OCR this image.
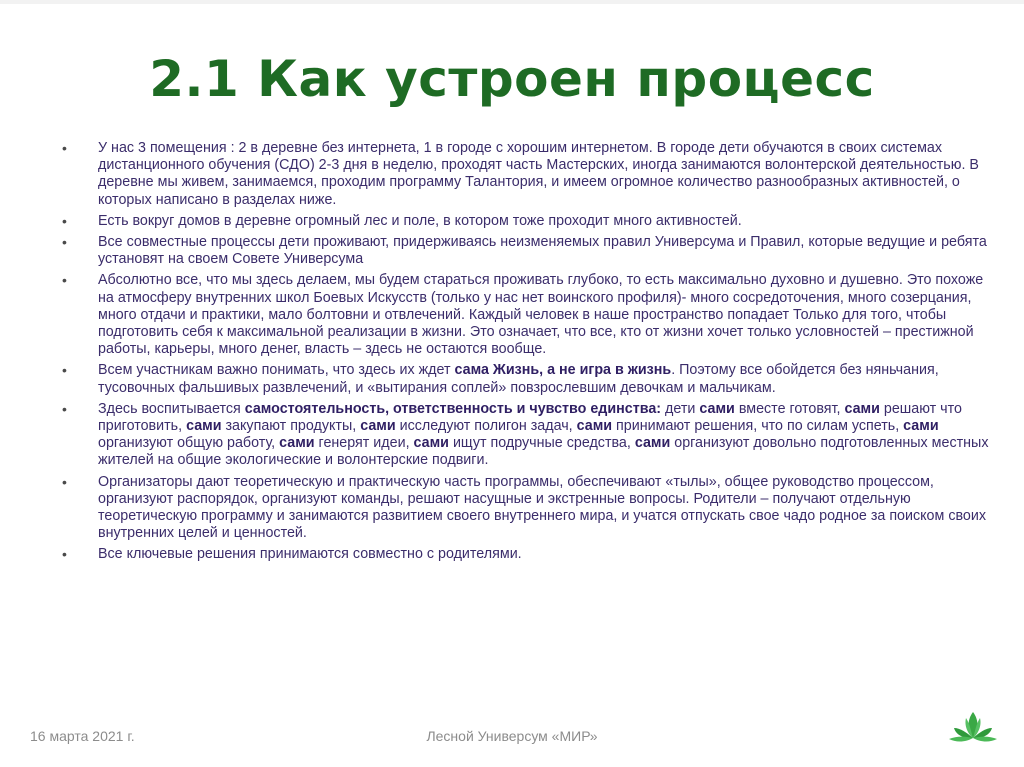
2.1 Как устроен процесс
• У нас 3 помещения : 2 в деревне без интернета, 1 в городе с хорошим интернетом. В городе дети обучаются в своих системах дистанционного обучения (СДО) 2-3 дня в неделю, проходят часть Мастерских, иногда занимаются волонтерской деятельностью. В деревне мы живем, занимаемся, проходим программу Талантория, и имеем огромное количество разнообразных активностей, о которых написано в разделах ниже.
• Есть вокруг домов в деревне огромный лес и поле, в котором тоже проходит много активностей.
• Все совместные процессы дети проживают, придерживаясь неизменяемых правил Универсума и Правил, которые ведущие и ребята установят на своем Совете Универсума
• Абсолютно все, что мы здесь делаем, мы будем стараться проживать глубоко, то есть максимально духовно и душевно. Это похоже на атмосферу внутренних школ Боевых Искусств (только у нас нет воинского профиля)- много сосредоточения, много созерцания, много отдачи и практики, мало болтовни и отвлечений. Каждый человек в наше пространство попадает Только для того, чтобы подготовить себя к максимальной реализации в жизни. Это означает, что все, кто от жизни хочет только условностей – престижной работы, карьеры, много денег, власть – здесь не остаются вообще.
• Всем участникам важно понимать, что здесь их ждет сама Жизнь, а не игра в жизнь. Поэтому все обойдется без няньчания, тусовочных фальшивых развлечений, и «вытирания соплей» повзрослевшим девочкам и мальчикам.
• Здесь воспитывается самостоятельность, ответственность и чувство единства: дети сами вместе готовят, сами решают что приготовить, сами закупают продукты, сами исследуют полигон задач, сами принимают решения, что по силам успеть, сами организуют общую работу, сами генерят идеи, сами ищут подручные средства, сами организуют довольно подготовленных местных жителей на общие экологические и волонтерские подвиги.
• Организаторы дают теоретическую и практическую часть программы, обеспечивают «тылы», общее руководство процессом, организуют распорядок, организуют команды, решают насущные и экстренные вопросы. Родители – получают отдельную теоретическую программу и занимаются развитием своего внутреннего мира, и учатся отпускать свое чадо родное за поиском своих внутренних целей и ценностей.
• Все ключевые решения принимаются совместно с родителями.
16 марта 2021 г.	Лесной Универсум «МИР»
